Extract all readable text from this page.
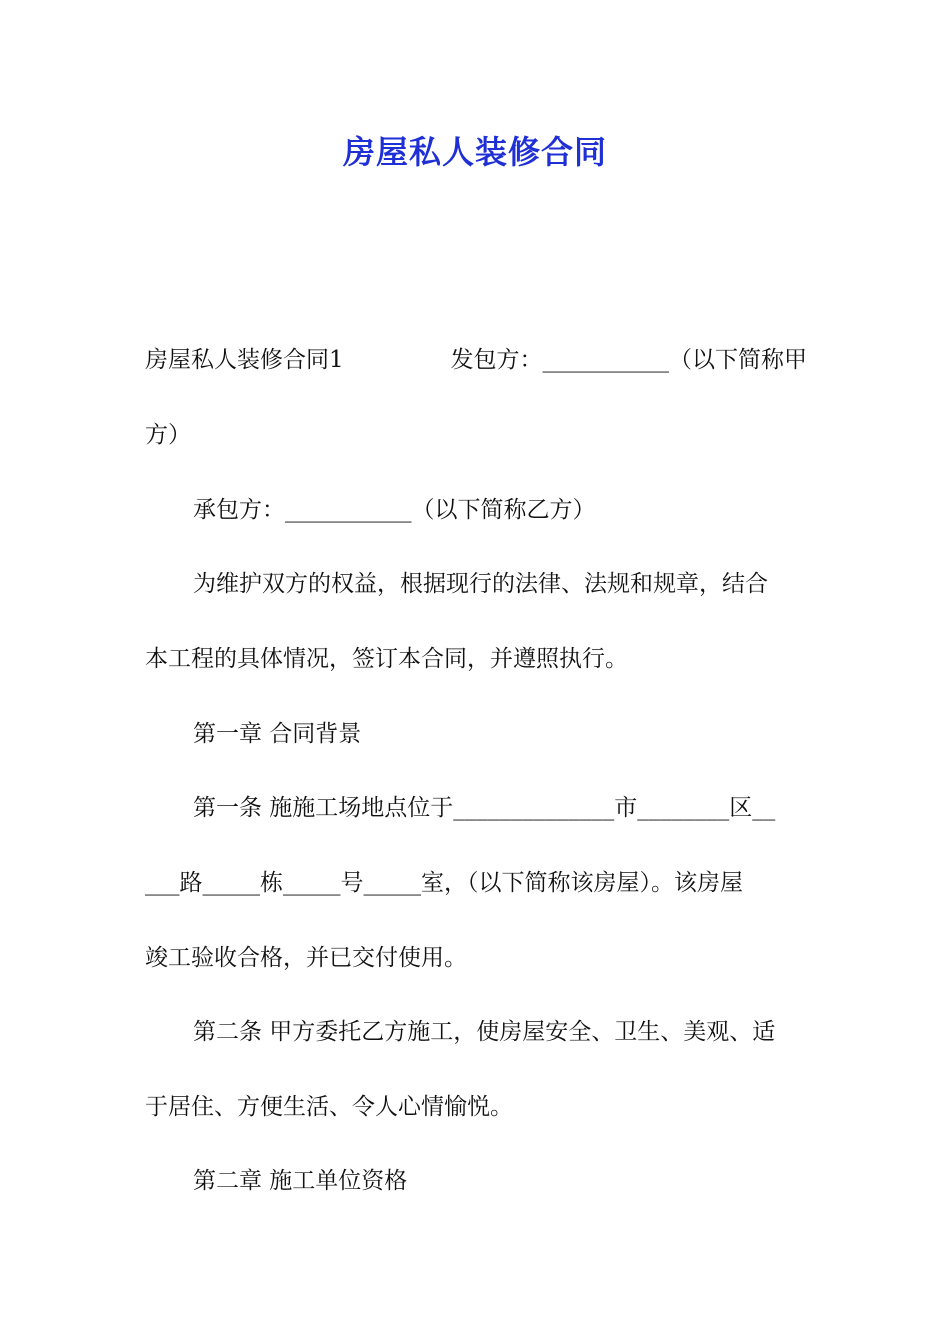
房屋私人装修合同
房屋私人装修合同1	发包方：___________（以下简称甲

方）

承包方：___________（以下简称乙方）

为维护双方的权益，根据现行的法律、法规和规章，结合

本工程的具体情况，签订本合同，并遵照执行。

第一章 合同背景

第一条 施施工场地点位于______________市________区__

___路_____栋_____号_____室，（以下简称该房屋）。该房屋

竣工验收合格，并已交付使用。

第二条 甲方委托乙方施工，使房屋安全、卫生、美观、适

于居住、方便生活、令人心情愉悦。

第二章 施工单位资格
